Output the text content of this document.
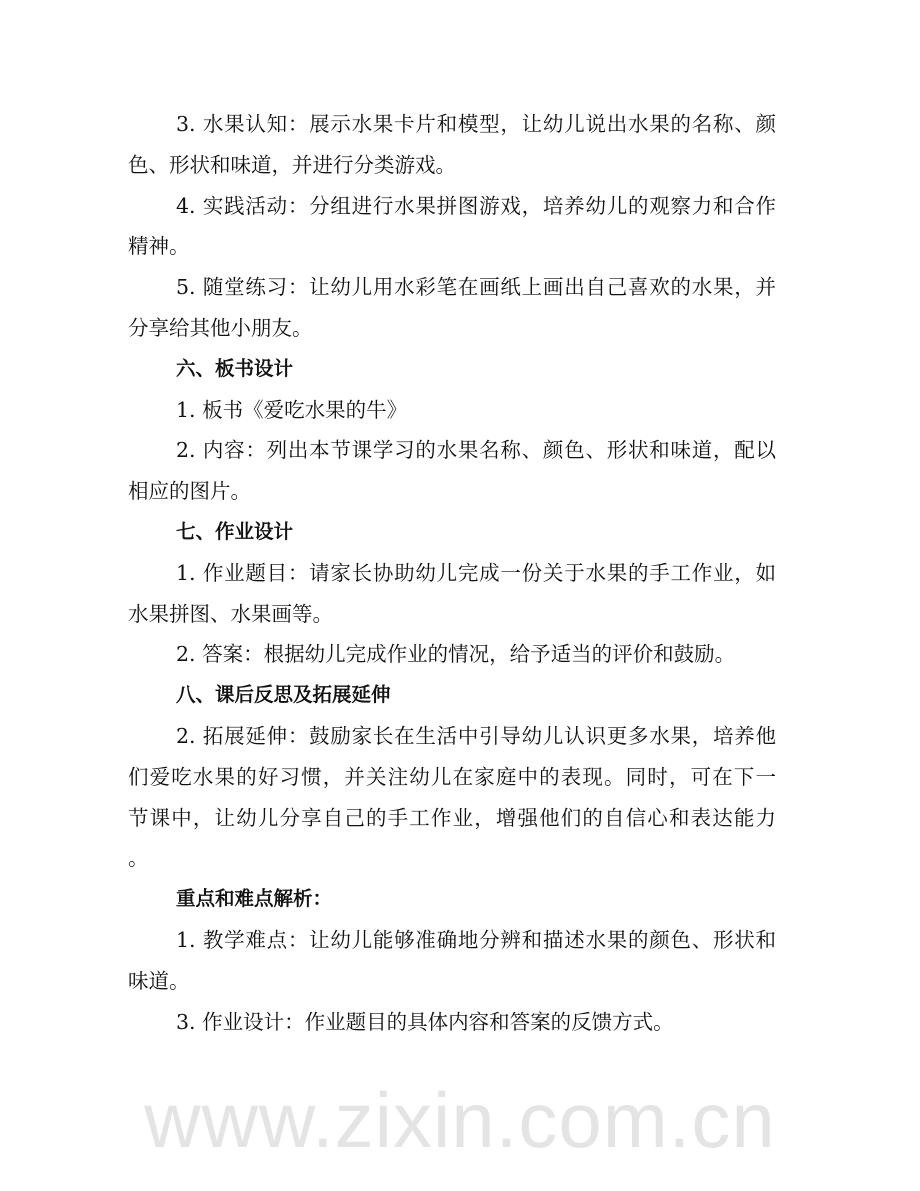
www.zixin.com.cn
3. 水果认知：展示水果卡片和模型，让幼儿说出水果的名称、颜
色、形状和味道，并进行分类游戏。
4. 实践活动：分组进行水果拼图游戏，培养幼儿的观察力和合作
精神。
5. 随堂练习：让幼儿用水彩笔在画纸上画出自己喜欢的水果，并
分享给其他小朋友。
六、板书设计
1. 板书《爱吃水果的牛》
2. 内容：列出本节课学习的水果名称、颜色、形状和味道，配以
相应的图片。
七、作业设计
1. 作业题目：请家长协助幼儿完成一份关于水果的手工作业，如
水果拼图、水果画等。
2. 答案：根据幼儿完成作业的情况，给予适当的评价和鼓励。
八、课后反思及拓展延伸
2. 拓展延伸：鼓励家长在生活中引导幼儿认识更多水果，培养他
们爱吃水果的好习惯，并关注幼儿在家庭中的表现。同时，可在下一
节课中，让幼儿分享自己的手工作业，增强他们的自信心和表达能力
。
重点和难点解析：
1. 教学难点：让幼儿能够准确地分辨和描述水果的颜色、形状和
味道。
3. 作业设计：作业题目的具体内容和答案的反馈方式。
